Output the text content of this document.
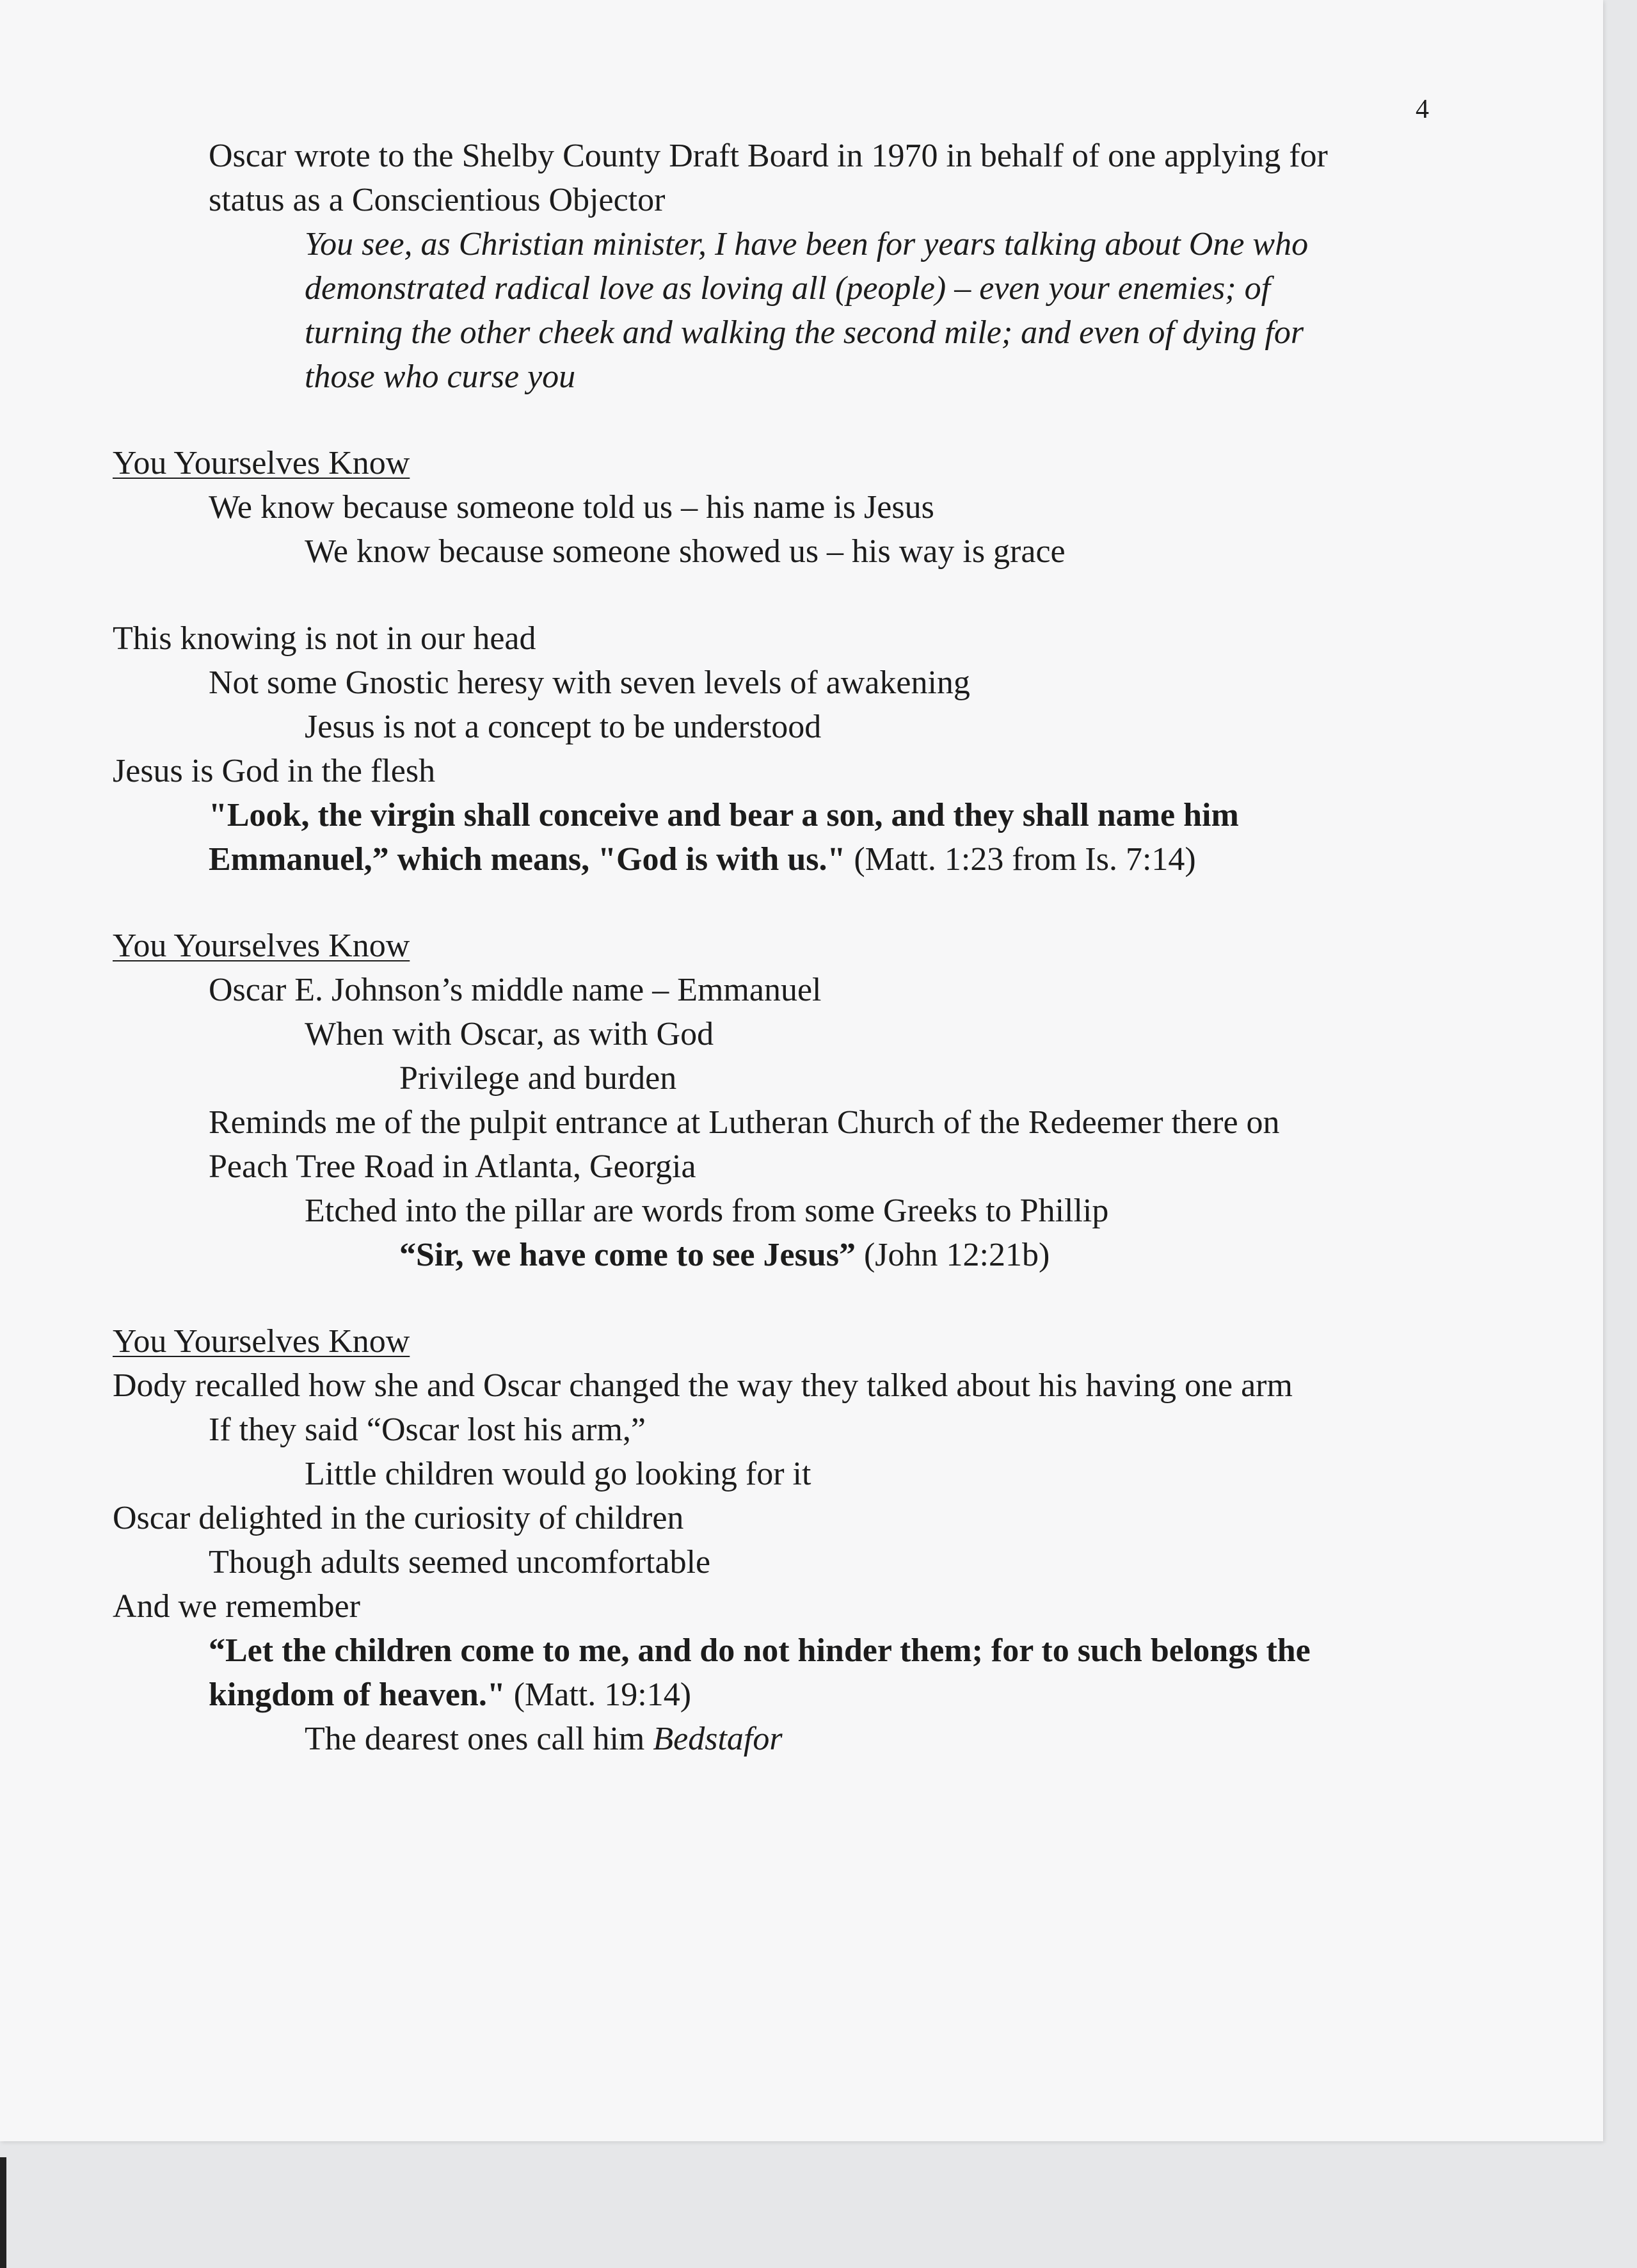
4
Oscar wrote to the Shelby County Draft Board in 1970 in behalf of one applying for
status as a Conscientious Objector
You see, as Christian minister, I have been for years talking about One who
demonstrated radical love as loving all (people) – even your enemies; of
turning the other cheek and walking the second mile; and even of dying for
those who curse you
You Yourselves Know
We know because someone told us – his name is Jesus
We know because someone showed us – his way is grace
This knowing is not in our head
Not some Gnostic heresy with seven levels of awakening
Jesus is not a concept to be understood
Jesus is God in the flesh
"Look, the virgin shall conceive and bear a son, and they shall name him
Emmanuel,” which means, "God is with us." (Matt. 1:23 from Is. 7:14)
You Yourselves Know
Oscar E. Johnson’s middle name – Emmanuel
When with Oscar, as with God
Privilege and burden
Reminds me of the pulpit entrance at Lutheran Church of the Redeemer there on
Peach Tree Road in Atlanta, Georgia
Etched into the pillar are words from some Greeks to Phillip
“Sir, we have come to see Jesus” (John 12:21b)
You Yourselves Know
Dody recalled how she and Oscar changed the way they talked about his having one arm
If they said “Oscar lost his arm,”
Little children would go looking for it
Oscar delighted in the curiosity of children
Though adults seemed uncomfortable
And we remember
“Let the children come to me, and do not hinder them; for to such belongs the
kingdom of heaven." (Matt. 19:14)
The dearest ones call him Bedstafor
